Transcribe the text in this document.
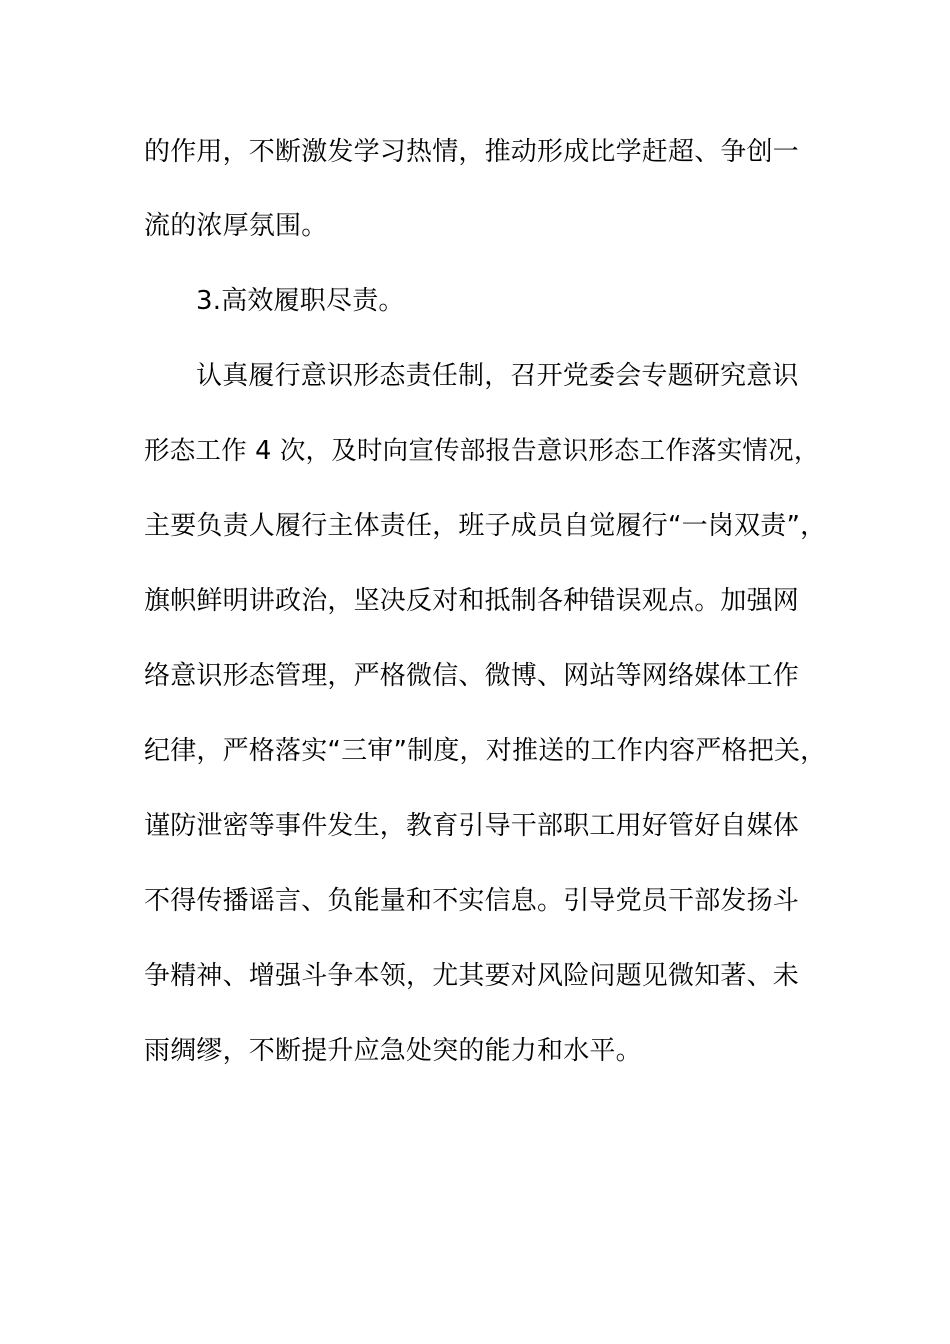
的作用，不断激发学习热情，推动形成比学赶超、争创一
流的浓厚氛围。
3.高效履职尽责。
认真履行意识形态责任制，召开党委会专题研究意识
形态工作 4 次，及时向宣传部报告意识形态工作落实情况，
主要负责人履行主体责任，班子成员自觉履行“一岗双责”，
旗帜鲜明讲政治，坚决反对和抵制各种错误观点。加强网
络意识形态管理，严格微信、微博、网站等网络媒体工作
纪律，严格落实“三审”制度，对推送的工作内容严格把关，
谨防泄密等事件发生，教育引导干部职工用好管好自媒体
不得传播谣言、负能量和不实信息。引导党员干部发扬斗
争精神、增强斗争本领，尤其要对风险问题见微知著、未
雨绸缪，不断提升应急处突的能力和水平。
